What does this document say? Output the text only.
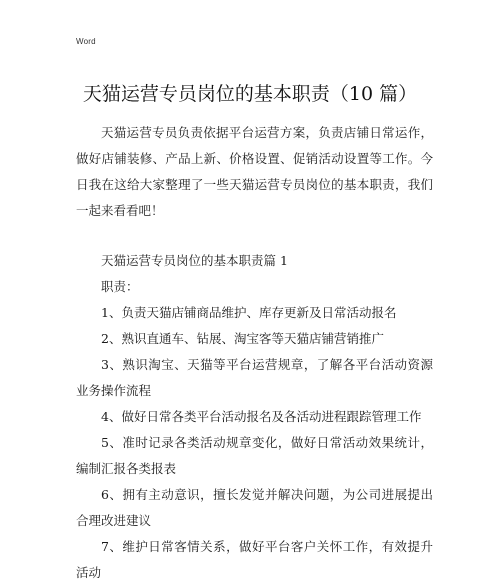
Word
天猫运营专员岗位的基本职责（10 篇）

天猫运营专员负责依据平台运营方案，负责店铺日常运作，做好店铺装修、产品上新、价格设置、促销活动设置等工作。今日我在这给大家整理了一些天猫运营专员岗位的基本职责，我们一起来看看吧！

天猫运营专员岗位的基本职责篇 1

职责：

1、负责天猫店铺商品维护、库存更新及日常活动报名

2、熟识直通车、钻展、淘宝客等天猫店铺营销推广

3、熟识淘宝、天猫等平台运营规章，了解各平台活动资源业务操作流程

4、做好日常各类平台活动报名及各活动进程跟踪管理工作

5、准时记录各类活动规章变化，做好日常活动效果统计，编制汇报各类报表

6、拥有主动意识，擅长发觉并解决问题，为公司进展提出合理改进建议

7、维护日常客情关系，做好平台客户关怀工作，有效提升活动
